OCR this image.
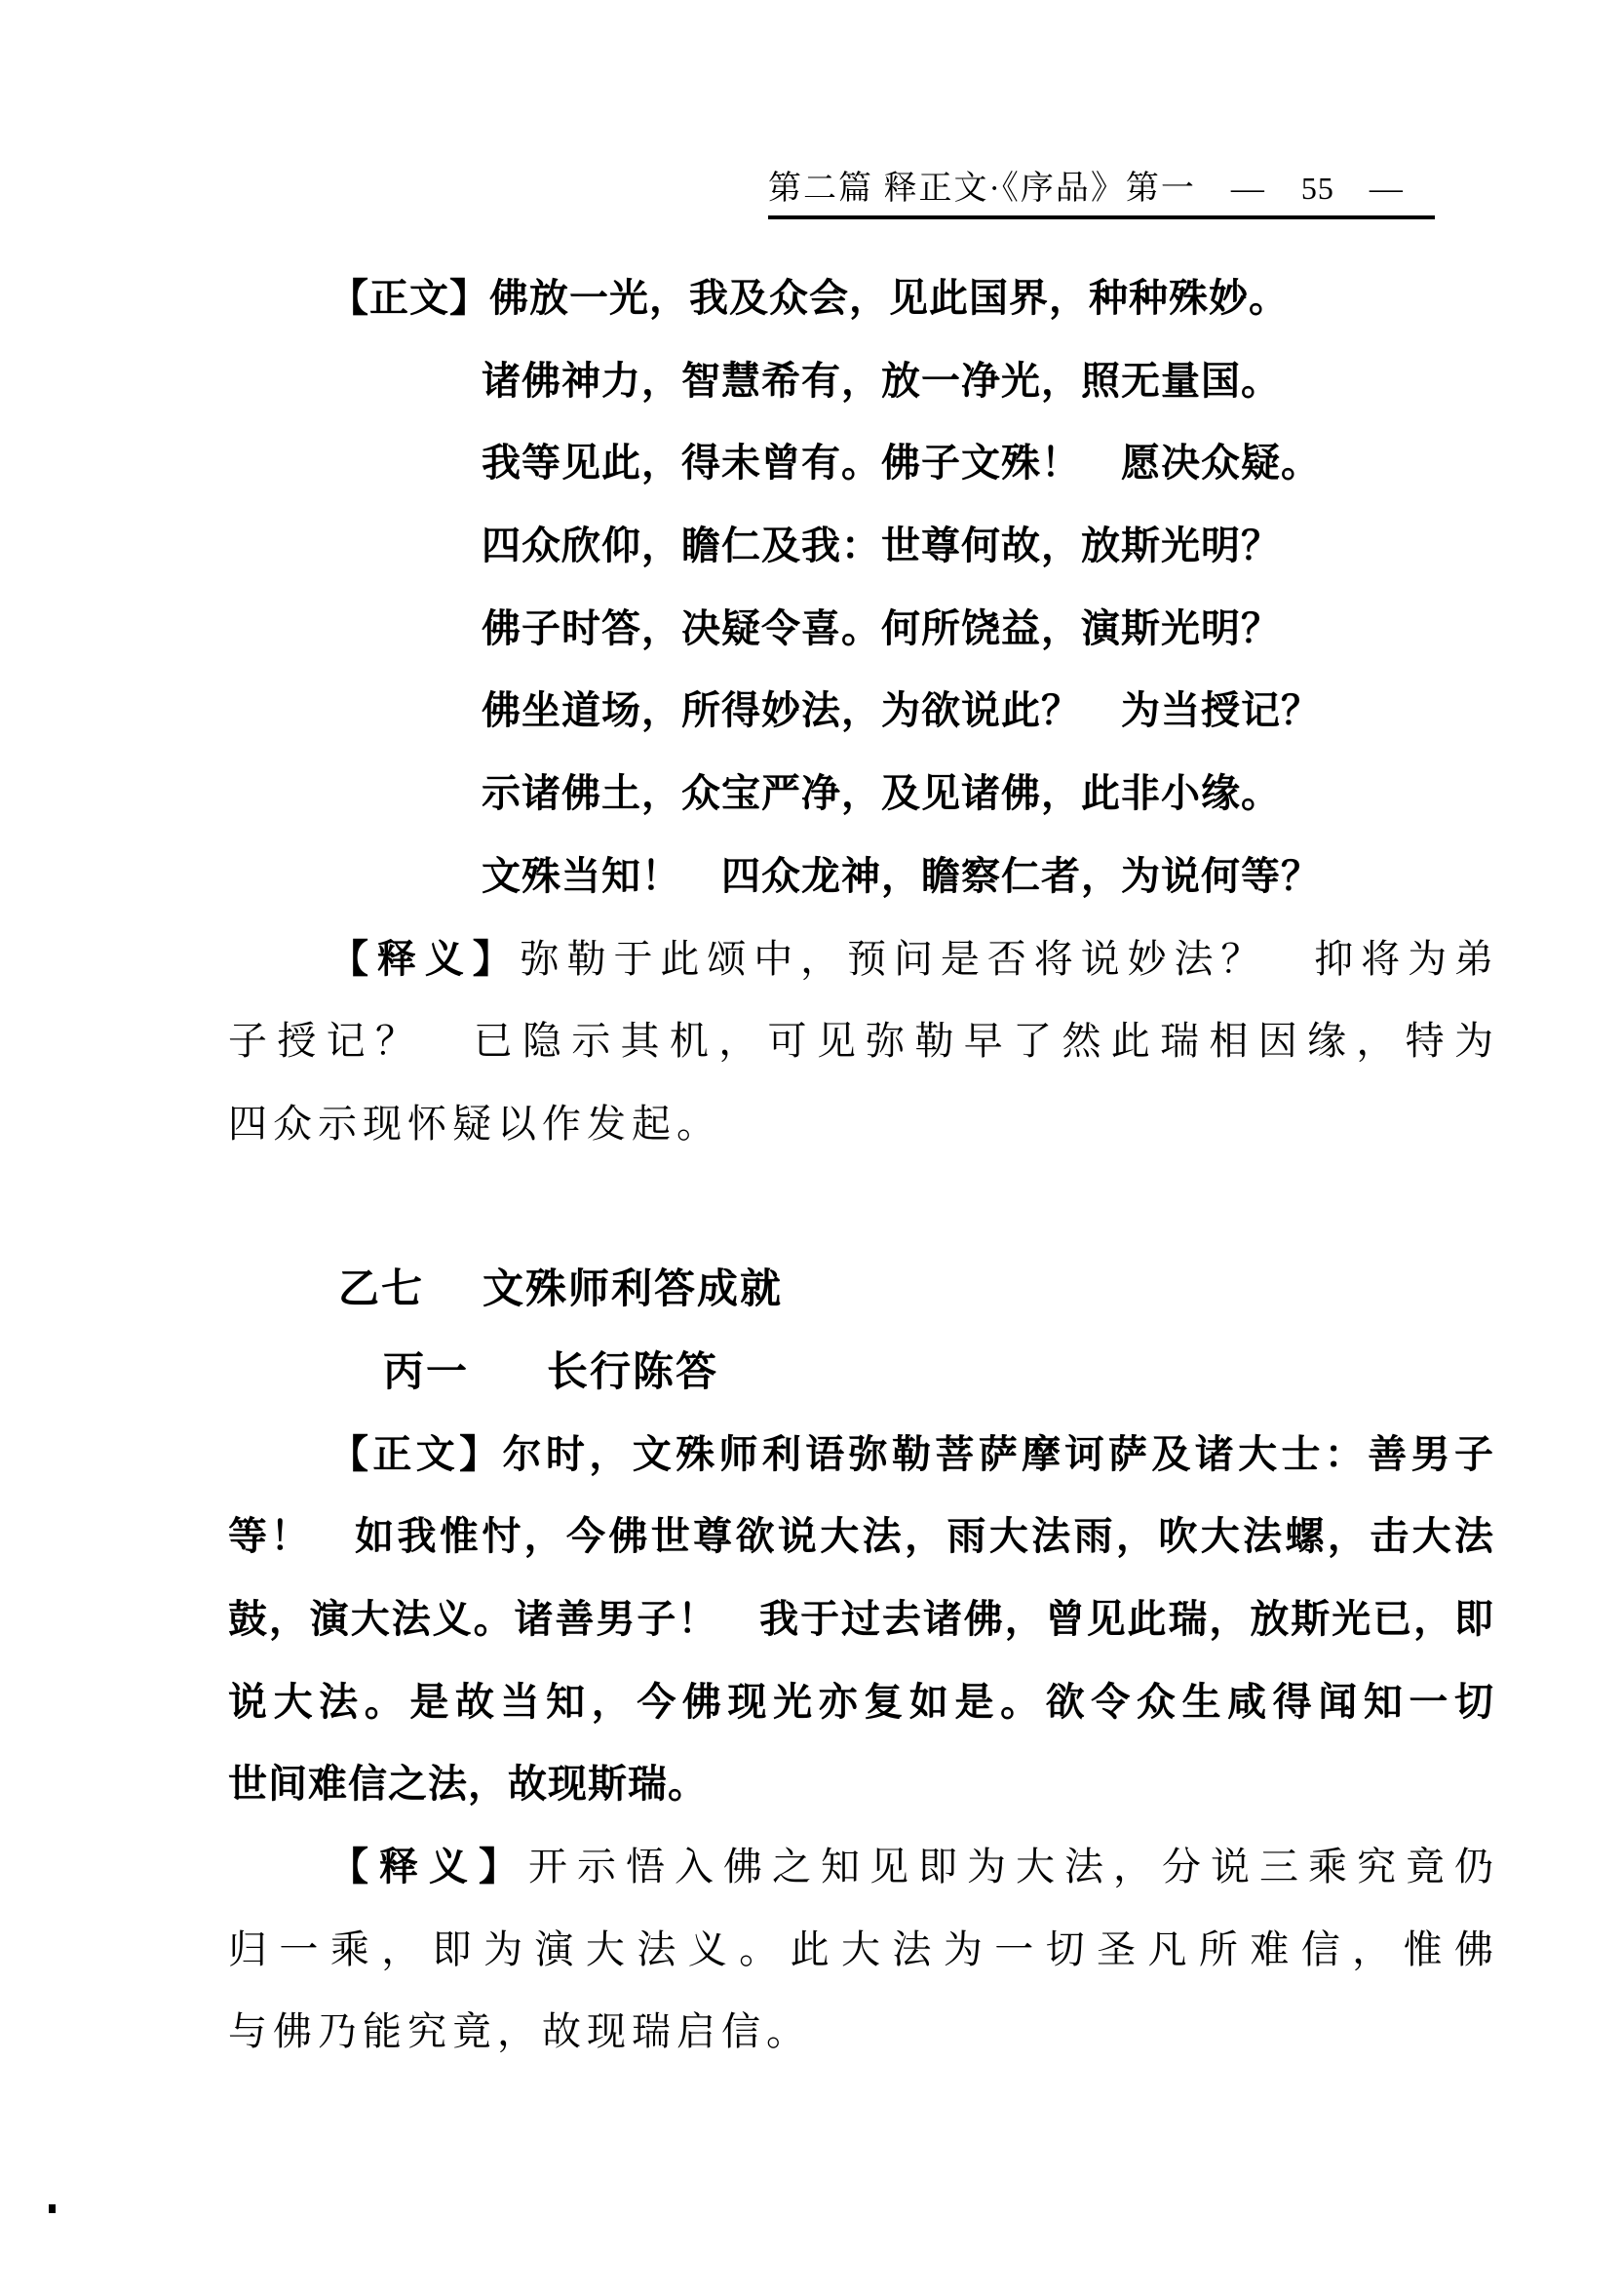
第二篇 释正文·《序品》第一 — 55 —
【正文】佛放一光，我及众会，见此国界，种种殊妙。
诸佛神力，智慧希有，放一净光，照无量国。
我等见此，得未曾有。佛子文殊！　愿决众疑。
四众欣仰，瞻仁及我：世尊何故，放斯光明？
佛子时答，决疑令喜。何所饶益，演斯光明？
佛坐道场，所得妙法，为欲说此？　为当授记？
示诸佛土，众宝严净，及见诸佛，此非小缘。
文殊当知！　四众龙神，瞻察仁者，为说何等？
【释义】弥勒于此颂中，预问是否将说妙法？　抑将为弟
子授记？　已隐示其机，可见弥勒早了然此瑞相因缘，特为
四众示现怀疑以作发起。
乙七 文殊师利答成就
丙一 长行陈答
【正文】尔时，文殊师利语弥勒菩萨摩诃萨及诸大士：善男子
等！　如我惟忖，今佛世尊欲说大法，雨大法雨，吹大法螺，击大法
鼓，演大法义。诸善男子！　我于过去诸佛，曾见此瑞，放斯光已，即
说大法。是故当知，今佛现光亦复如是。欲令众生咸得闻知一切
世间难信之法，故现斯瑞。
【释义】开示悟入佛之知见即为大法，分说三乘究竟仍
归一乘，即为演大法义。此大法为一切圣凡所难信，惟佛
与佛乃能究竟，故现瑞启信。
